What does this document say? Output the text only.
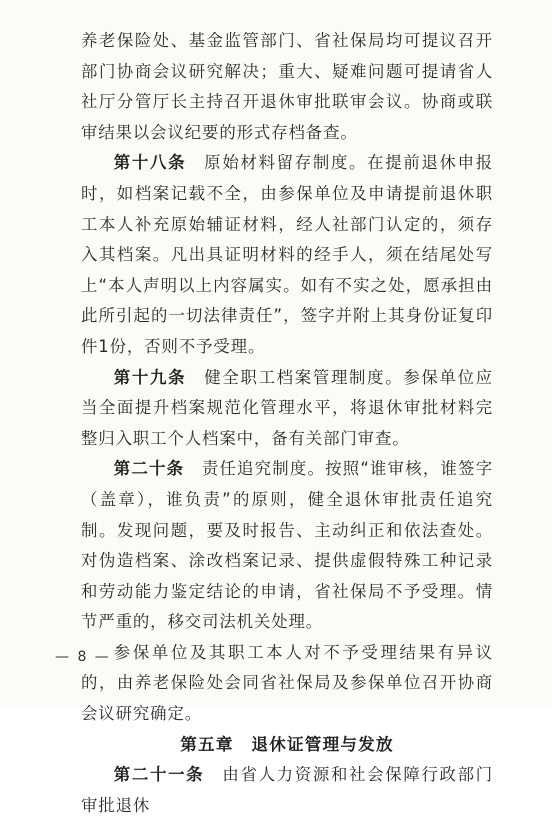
养老保险处、基金监管部门、省社保局均可提议召开部门协商会议研究解决；重大、疑难问题可提请省人社厅分管厅长主持召开退休审批联审会议。协商或联审结果以会议纪要的形式存档备查。

第十八条　 原始材料留存制度。在提前退休申报时，如档案记载不全，由参保单位及申请提前退休职工本人补充原始辅证材料，经人社部门认定的，须存入其档案。凡出具证明材料的经手人，须在结尾处写上“本人声明以上内容属实。如有不实之处，愿承担由此所引起的一切法律责任”，签字并附上其身份证复印件1份，否则不予受理。

第十九条　 健全职工档案管理制度。参保单位应当全面提升档案规范化管理水平，将退休审批材料完整归入职工个人档案中，备有关部门审查。

第二十条　 责任追究制度。按照“谁审核，谁签字（盖章），谁负责”的原则，健全退休审批责任追究制。发现问题，要及时报告、主动纠正和依法查处。对伪造档案、涂改档案记录、提供虚假特殊工种记录和劳动能力鉴定结论的申请，省社保局不予受理。情节严重的，移交司法机关处理。

参保单位及其职工本人对不予受理结果有异议的，由养老保险处会同省社保局及参保单位召开协商会议研究确定。

第五章　退休证管理与发放

第二十一条　 由省人力资源和社会保障行政部门审批退休

— 8 —
